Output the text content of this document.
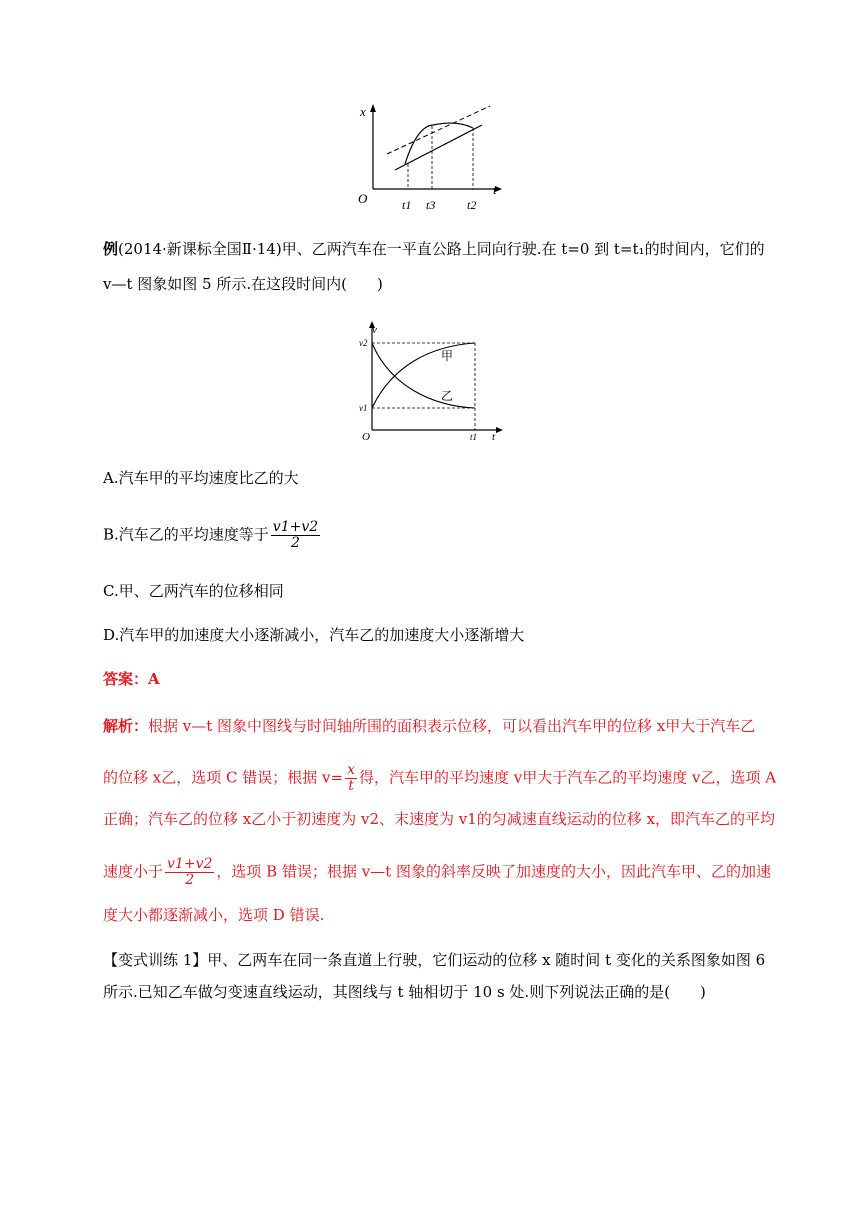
x
t
O	t1 t3	t2
例(2014·新课标全国Ⅱ·14)甲、乙两汽车在一平直公路上同向行驶.在 t=0 到 t=t₁的时间内，它们的
v—t 图象如图 5 所示.在这段时间内(　　)
v
t
O
v2
v1
t1
甲
乙
A.汽车甲的平均速度比乙的大
B.汽车乙的平均速度等于 $\frac{v1+v2}{2}$
C.甲、乙两汽车的位移相同
D.汽车甲的加速度大小逐渐减小，汽车乙的加速度大小逐渐增大
答案：A
解析：根据 v—t 图象中图线与时间轴所围的面积表示位移，可以看出汽车甲的位移 x甲大于汽车乙
的位移 x乙，选项 C 错误；根据 $v= \frac{x}{t}$ 得，汽车甲的平均速度 v甲大于汽车乙的平均速度 v乙，选项 A
正确；汽车乙的位移 x乙小于初速度为 v2、末速度为 v1的匀减速直线运动的位移 x，即汽车乙的平均
速度小于 $\frac{v1+v2}{2}$ ，选项 B 错误；根据 v—t 图象的斜率反映了加速度的大小，因此汽车甲、乙的加速
度大小都逐渐减小，选项 D 错误.
【变式训练 1】甲、乙两车在同一条直道上行驶，它们运动的位移 x 随时间 t 变化的关系图象如图 6
所示.已知乙车做匀变速直线运动，其图线与 t 轴相切于 10 s 处.则下列说法正确的是(　　)
